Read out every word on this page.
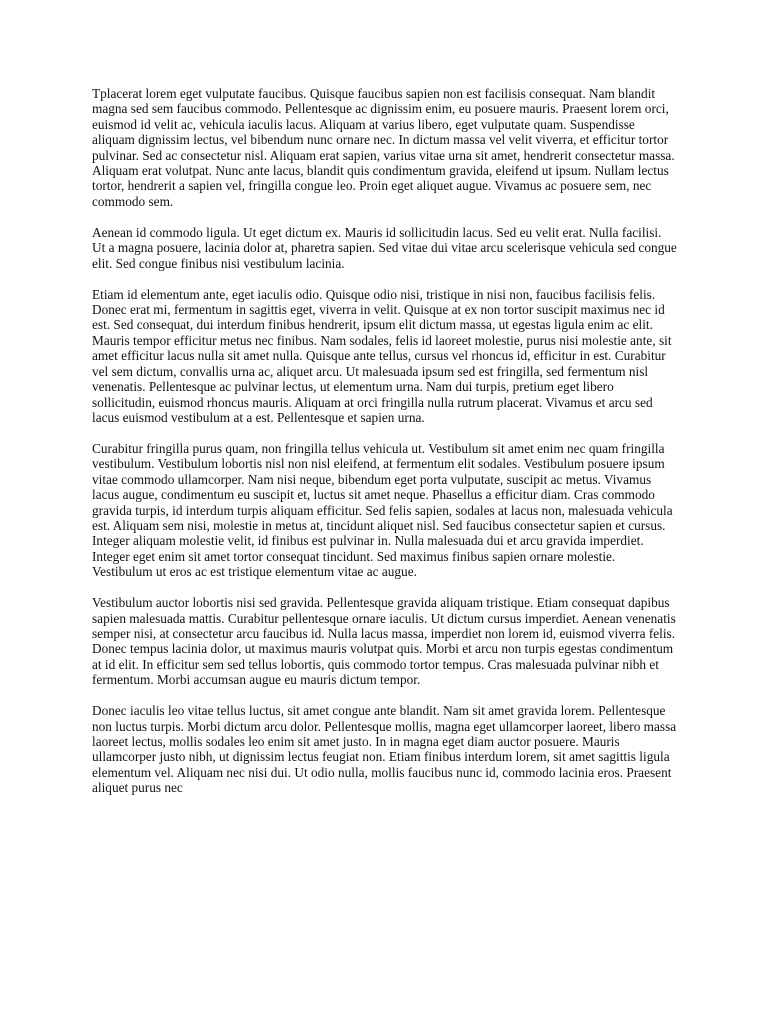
Tplacerat lorem eget vulputate faucibus. Quisque faucibus sapien non est facilisis consequat. Nam blandit magna sed sem faucibus commodo. Pellentesque ac dignissim enim, eu posuere mauris. Praesent lorem orci, euismod id velit ac, vehicula iaculis lacus. Aliquam at varius libero, eget vulputate quam. Suspendisse aliquam dignissim lectus, vel bibendum nunc ornare nec. In dictum massa vel velit viverra, et efficitur tortor pulvinar. Sed ac consectetur nisl. Aliquam erat sapien, varius vitae urna sit amet, hendrerit consectetur massa. Aliquam erat volutpat. Nunc ante lacus, blandit quis condimentum gravida, eleifend ut ipsum. Nullam lectus tortor, hendrerit a sapien vel, fringilla congue leo. Proin eget aliquet augue. Vivamus ac posuere sem, nec commodo sem.

Aenean id commodo ligula. Ut eget dictum ex. Mauris id sollicitudin lacus. Sed eu velit erat. Nulla facilisi. Ut a magna posuere, lacinia dolor at, pharetra sapien. Sed vitae dui vitae arcu scelerisque vehicula sed congue elit. Sed congue finibus nisi vestibulum lacinia.

Etiam id elementum ante, eget iaculis odio. Quisque odio nisi, tristique in nisi non, faucibus facilisis felis. Donec erat mi, fermentum in sagittis eget, viverra in velit. Quisque at ex non tortor suscipit maximus nec id est. Sed consequat, dui interdum finibus hendrerit, ipsum elit dictum massa, ut egestas ligula enim ac elit. Mauris tempor efficitur metus nec finibus. Nam sodales, felis id laoreet molestie, purus nisi molestie ante, sit amet efficitur lacus nulla sit amet nulla. Quisque ante tellus, cursus vel rhoncus id, efficitur in est. Curabitur vel sem dictum, convallis urna ac, aliquet arcu. Ut malesuada ipsum sed est fringilla, sed fermentum nisl venenatis. Pellentesque ac pulvinar lectus, ut elementum urna. Nam dui turpis, pretium eget libero sollicitudin, euismod rhoncus mauris. Aliquam at orci fringilla nulla rutrum placerat. Vivamus et arcu sed lacus euismod vestibulum at a est. Pellentesque et sapien urna.

Curabitur fringilla purus quam, non fringilla tellus vehicula ut. Vestibulum sit amet enim nec quam fringilla vestibulum. Vestibulum lobortis nisl non nisl eleifend, at fermentum elit sodales. Vestibulum posuere ipsum vitae commodo ullamcorper. Nam nisi neque, bibendum eget porta vulputate, suscipit ac metus. Vivamus lacus augue, condimentum eu suscipit et, luctus sit amet neque. Phasellus a efficitur diam. Cras commodo gravida turpis, id interdum turpis aliquam efficitur. Sed felis sapien, sodales at lacus non, malesuada vehicula est. Aliquam sem nisi, molestie in metus at, tincidunt aliquet nisl. Sed faucibus consectetur sapien et cursus. Integer aliquam molestie velit, id finibus est pulvinar in. Nulla malesuada dui et arcu gravida imperdiet. Integer eget enim sit amet tortor consequat tincidunt. Sed maximus finibus sapien ornare molestie. Vestibulum ut eros ac est tristique elementum vitae ac augue.

Vestibulum auctor lobortis nisi sed gravida. Pellentesque gravida aliquam tristique. Etiam consequat dapibus sapien malesuada mattis. Curabitur pellentesque ornare iaculis. Ut dictum cursus imperdiet. Aenean venenatis semper nisi, at consectetur arcu faucibus id. Nulla lacus massa, imperdiet non lorem id, euismod viverra felis. Donec tempus lacinia dolor, ut maximus mauris volutpat quis. Morbi et arcu non turpis egestas condimentum at id elit. In efficitur sem sed tellus lobortis, quis commodo tortor tempus. Cras malesuada pulvinar nibh et fermentum. Morbi accumsan augue eu mauris dictum tempor.

Donec iaculis leo vitae tellus luctus, sit amet congue ante blandit. Nam sit amet gravida lorem. Pellentesque non luctus turpis. Morbi dictum arcu dolor. Pellentesque mollis, magna eget ullamcorper laoreet, libero massa laoreet lectus, mollis sodales leo enim sit amet justo. In in magna eget diam auctor posuere. Mauris ullamcorper justo nibh, ut dignissim lectus feugiat non. Etiam finibus interdum lorem, sit amet sagittis ligula elementum vel. Aliquam nec nisi dui. Ut odio nulla, mollis faucibus nunc id, commodo lacinia eros. Praesent aliquet purus nec
